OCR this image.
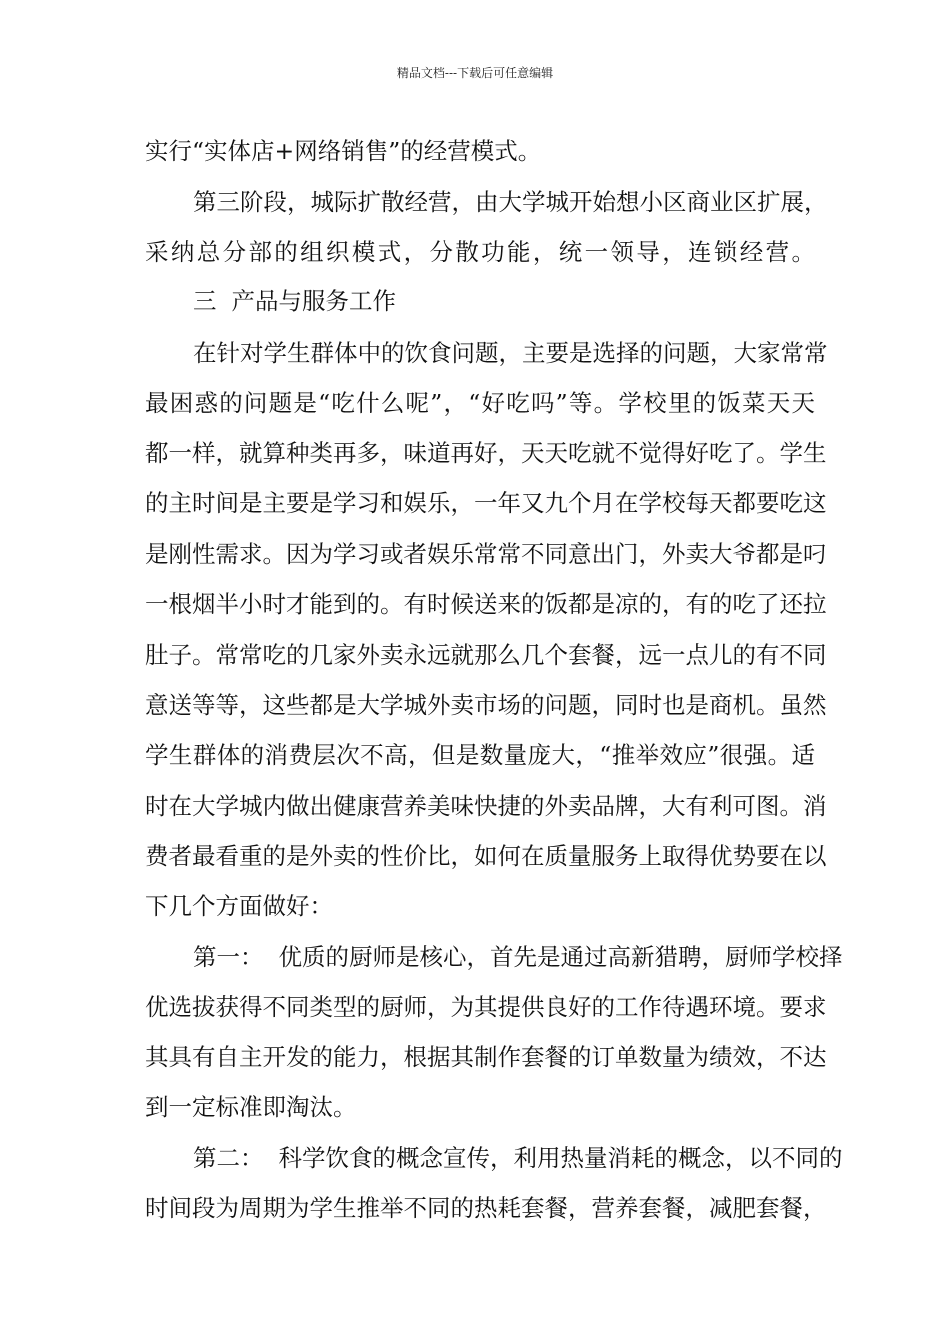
精品文档---下载后可任意编辑
实行“实体店+网络销售”的经营模式。
第三阶段，城际扩散经营，由大学城开始想小区商业区扩展，
采纳总分部的组织模式，分散功能，统一领导，连锁经营。
三  产品与服务工作
在针对学生群体中的饮食问题，主要是选择的问题，大家常常
最困惑的问题是“吃什么呢”，“好吃吗”等。学校里的饭菜天天
都一样，就算种类再多，味道再好，天天吃就不觉得好吃了。学生
的主时间是主要是学习和娱乐，一年又九个月在学校每天都要吃这
是刚性需求。因为学习或者娱乐常常不同意出门，外卖大爷都是叼
一根烟半小时才能到的。有时候送来的饭都是凉的，有的吃了还拉
肚子。常常吃的几家外卖永远就那么几个套餐，远一点儿的有不同
意送等等，这些都是大学城外卖市场的问题，同时也是商机。虽然
学生群体的消费层次不高，但是数量庞大，“推举效应”很强。适
时在大学城内做出健康营养美味快捷的外卖品牌，大有利可图。消
费者最看重的是外卖的性价比，如何在质量服务上取得优势要在以
下几个方面做好：
第一：  优质的厨师是核心，首先是通过高新猎聘，厨师学校择
优选拔获得不同类型的厨师，为其提供良好的工作待遇环境。要求
其具有自主开发的能力，根据其制作套餐的订单数量为绩效，不达
到一定标准即淘汰。
第二：  科学饮食的概念宣传，利用热量消耗的概念，以不同的
时间段为周期为学生推举不同的热耗套餐，营养套餐，减肥套餐，
